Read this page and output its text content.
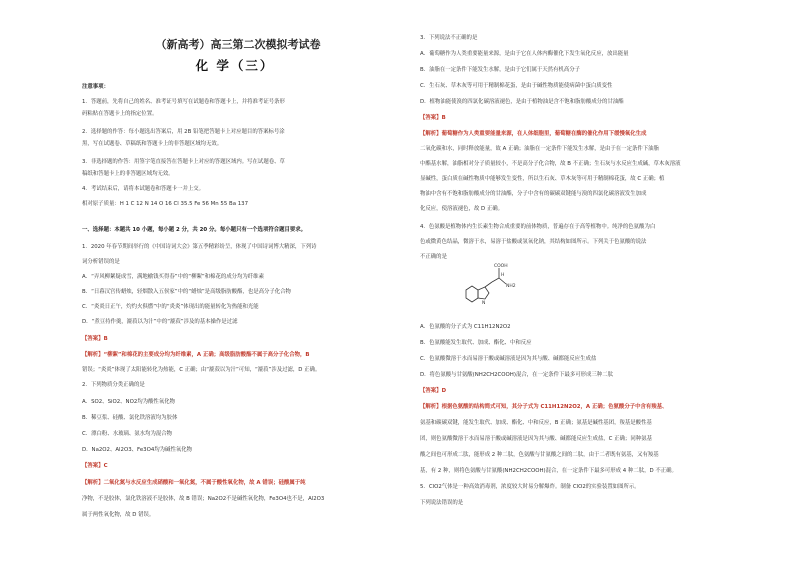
（新高考）高三第二次模拟考试卷
化 学（三）
注意事项：
1．答题前，先将自己的姓名、准考证号填写在试题卷和答题卡上，并将准考证号条形
码粘贴在答题卡上的指定位置。
2．选择题的作答：每小题选出答案后，用 2B 铅笔把答题卡上对应题目的答案标号涂
黑，写在试题卷、草稿纸和答题卡上的非答题区域均无效。
3．非选择题的作答：用签字笔直接答在答题卡上对应的答题区域内。写在试题卷、草
稿纸和答题卡上的非答题区域均无效。
4．考试结束后，请将本试题卷和答题卡一并上交。
相对原子质量：H 1 C 12 N 14 O 16 Cl 35.5 Fe 56 Mn 55 Ba 137
一、选择题：本题共 10 小题，每小题 2 分，共 20 分。每小题只有一个选项符合题目要求。
1．2020 年春节期间举行的《中国诗词大会》第五季精彩纷呈，体现了中国诗词博大精深，下列诗
词分析错误的是
A．“弄风柳絮疑成雪，满地榆钱买得春”中的“柳絮”和棉花的成分均为纤维素
B．“日暮汉宫传蜡烛，轻烟散入五侯家”中的“蜡烛”是高级脂肪酸酯，也是高分子化合物
C．“炎炎日正午，灼灼火俱燃”中的“炎炎”体现出的能量转化为热能和光能
D．“煮豆持作羹，漉菽以为汁”中的“漉菽”涉及的基本操作是过滤
【答案】B
【解析】“柳絮”和棉花的主要成分均为纤维素，A 正确；高级脂肪酸酯不属于高分子化合物，B
错误；“炎炎”体现了太阳能转化为热能，C 正确；由“漉菽以为汁”可知，“漉菽”涉及过滤，D 正确。
2．下列物质分类正确的是
A．SO2、SiO2、NO2均为酸性氧化物
B．稀豆浆、硅酸、氯化铁溶液均为胶体
C．漂白粉、水玻璃、氨水均为混合物
D．Na2O2、Al2O3、Fe3O4均为碱性氧化物
【答案】C
【解析】二氧化氮与水反应生成硝酸和一氧化氮，不属于酸性氧化物，故 A 错误；硅酸属于纯
净物，不是胶体，氯化铁溶液不是胶体，故 B 错误；Na2O2不是碱性氧化物，Fe3O4也不是，Al2O3
属于两性氧化物，故 D 错误。
3．下列说法不正确的是
A．葡萄糖作为人类重要能量来源，是由于它在人体内酶催化下发生氧化反应，放出能量
B．油脂在一定条件下能发生水解，是由于它们属于天然有机高分子
C．生石灰、草木灰等可用于精制棉花蛋，是由于碱性物质能使病菌中蛋白质变性
D．植物油能使溴的四氯化碳溶液褪色，是由于植物油是含不饱和脂肪酸成分的甘油酯
【答案】B
【解析】葡萄糖作为人类重要能量来源，在人体细胞里，葡萄糖在酶的催化作用下缓慢氧化生成
二氧化碳和水，同时释放能量，故 A 正确；油脂在一定条件下能发生水解，是由于在一定条件下油脂
中酯基水解，油脂相对分子质量较小，不是高分子化合物，故 B 不正确；生石灰与水反应生成碱，草木灰溶液
显碱性，蛋白质在碱性物质中能够发生变性，所以生石灰、草木灰等可用于精制棉花蛋，故 C 正确；植
物油中含有不饱和脂肪酸成分的甘油酯，分子中含有的碳碳双键能与溴的四氯化碳溶液发生加成
化反应，使溶液褪色，故 D 正确。
4．色氨酸是植物体内生长素生物合成重要的前体物质，普遍存在于高等植物中。纯净的色氨酸为白
色或微黄色结晶，微溶于水，易溶于盐酸或氢氧化钠，其结构如图所示。下列关于色氨酸的说法
不正确的是
A．色氨酸的分子式为 C11H12N2O2
B．色氨酸能发生取代、加成、酯化、中和反应
C．色氨酸微溶于水而易溶于酸或碱溶液是因为其与酸、碱都能反应生成盐
D．将色氨酸与甘氨酸(NH2CH2COOH)混合，在一定条件下最多可形成三种二肽
【答案】D
【解析】根据色氨酸的结构简式可知，其分子式为 C11H12N2O2，A 正确；色氨酸分子中含有羧基、
氨基和碳碳双键，能发生取代、加成、酯化、中和反应，B 正确；氨基是碱性基团，羧基是酸性基
团，则色氨酸微溶于水而易溶于酸或碱溶液是因为其与酸、碱都能反应生成盐，C 正确；同种氨基
酸之间也可形成二肽，能形成 2 种二肽，色氨酸与甘氨酸之间的二肽，由于二者既有氨基，又有羧基
基，有 2 种，则将色氨酸与甘氨酸(NH2CH2COOH)混合，在一定条件下最多可形成 4 种二肽，D 不正确。
5．ClO2气体是一种高效消毒剂，浓度较大时易分解爆炸。制备 ClO2的实验装置如图所示。
下列说法错误的是
COOH
H
NH2
N
